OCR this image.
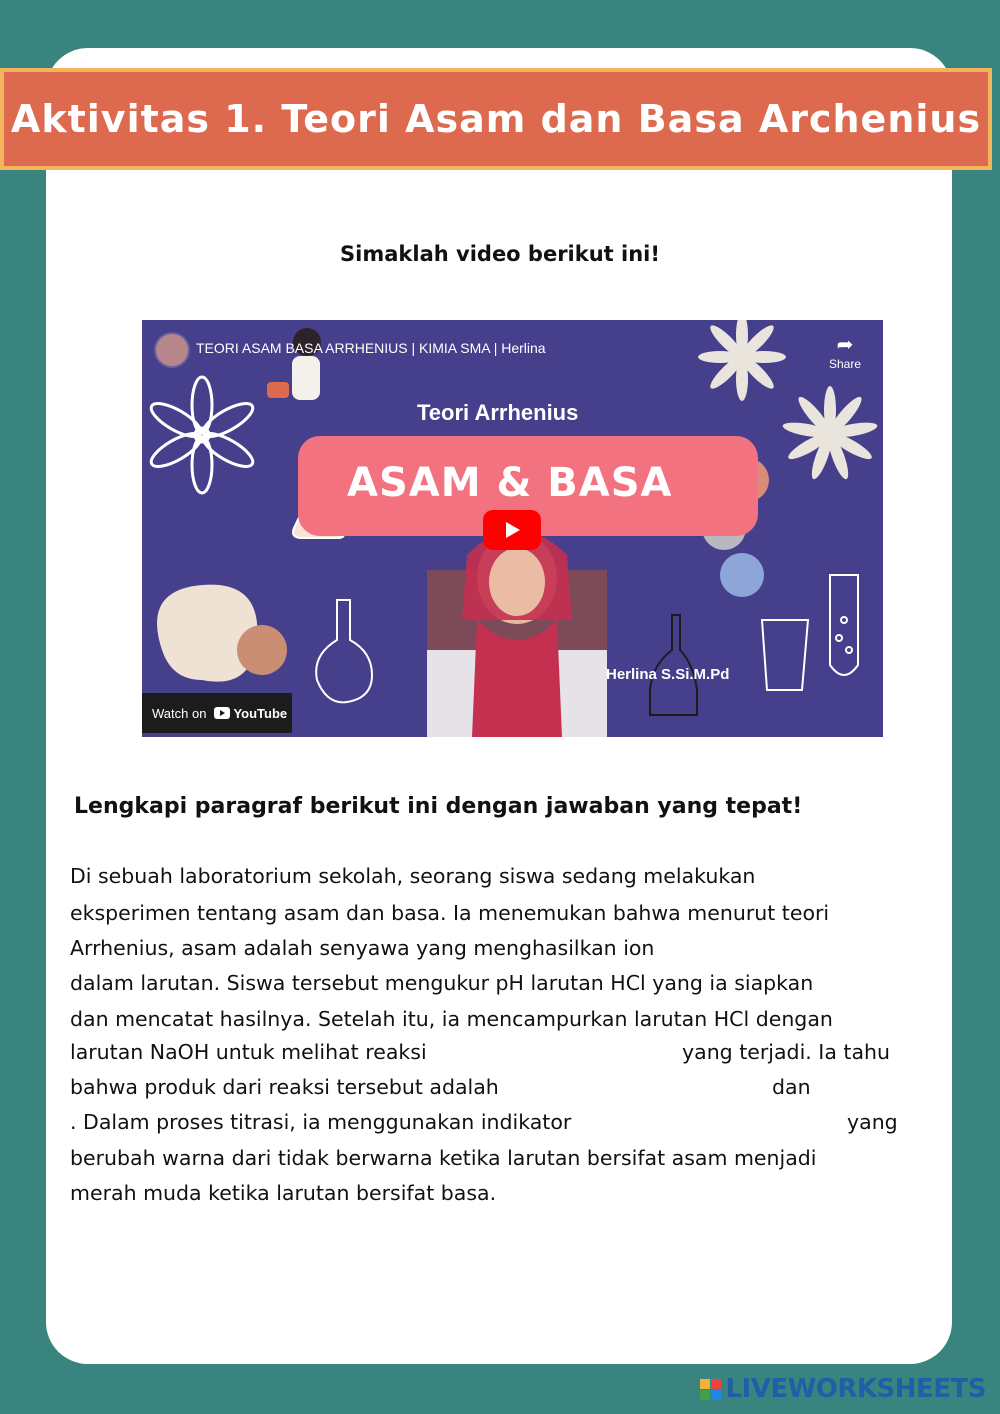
Aktivitas 1. Teori Asam dan Basa Archenius

Simaklah video berikut ini!

TEORI ASAM BASA ARRHENIUS | KIMIA SMA | Herlina	➦
Share
Teori Arrhenius
ASAM & BASA
Herlina S.Si.M.Pd
Watch on YouTube

Lengkapi paragraf berikut ini dengan jawaban yang tepat!

Di sebuah laboratorium sekolah, seorang siswa sedang melakukan
eksperimen tentang asam dan basa. Ia menemukan bahwa menurut teori
Arrhenius, asam adalah senyawa yang menghasilkan ion
dalam larutan. Siswa tersebut mengukur pH larutan HCl yang ia siapkan
dan mencatat hasilnya. Setelah itu, ia mencampurkan larutan HCl dengan
larutan NaOH untuk melihat reaksi	yang terjadi. Ia tahu
bahwa produk dari reaksi tersebut adalah	dan
. Dalam proses titrasi, ia menggunakan indikator	yang
berubah warna dari tidak berwarna ketika larutan bersifat asam menjadi
merah muda ketika larutan bersifat basa.
LIVEWORKSHEETS
